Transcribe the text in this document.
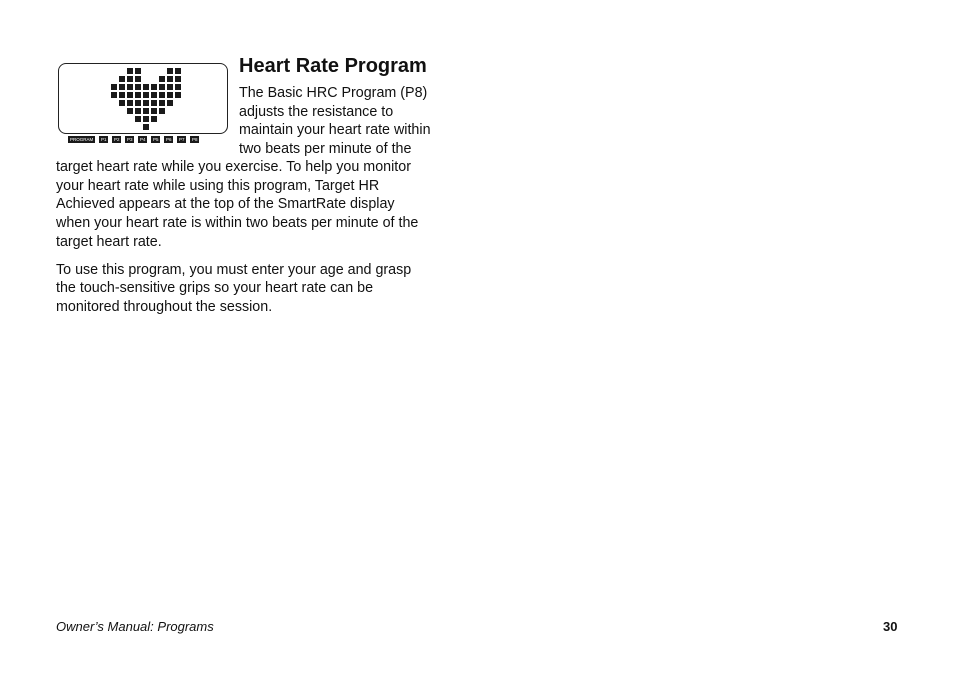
PROGRAM	P1	P2	P3	P4	P5	P6	P7	P8
Heart Rate Program

The Basic HRC Program (P8)

adjusts the resistance to

maintain your heart rate within

two beats per minute of the

target heart rate while you exercise. To help you monitor

your heart rate while using this program, Target HR

Achieved appears at the top of the SmartRate display

when your heart rate is within two beats per minute of the

target heart rate.

To use this program, you must enter your age and grasp

the touch-sensitive grips so your heart rate can be

monitored throughout the session.

Owner’s Manual: Programs	30
